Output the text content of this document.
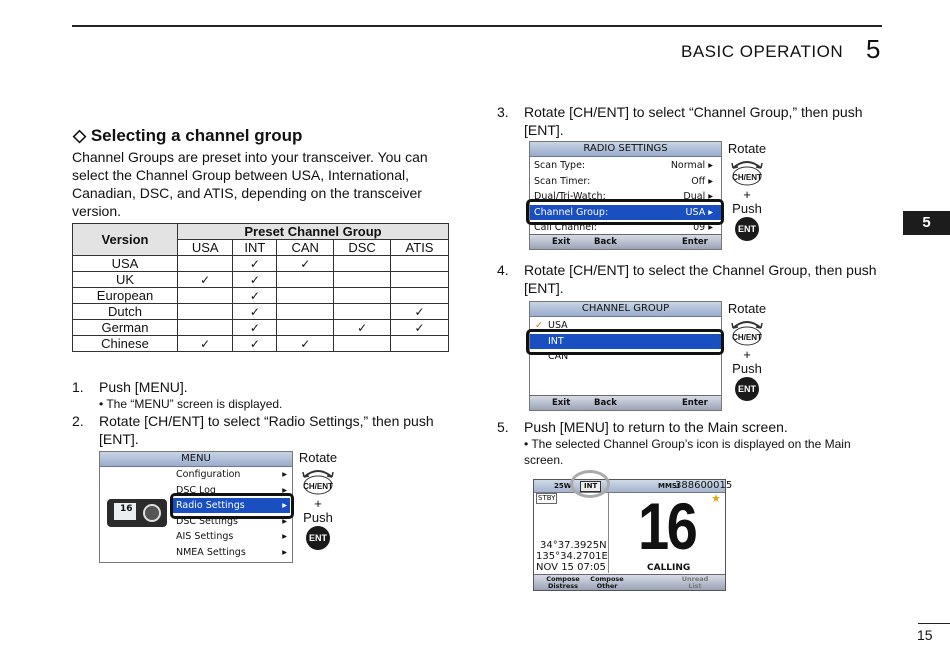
BASIC OPERATION 5
5
◇ Selecting a channel group
Channel Groups are preset into your transceiver. You can select the Channel Group between USA, International, Canadian, DSC, and ATIS, depending on the transceiver version.
Version	Preset Channel Group				
	USA	INT	CAN	DSC	ATIS
USA		✓	✓		
UK	✓	✓			
European		✓			
Dutch		✓			✓
German		✓		✓	✓
Chinese	✓	✓	✓		
1. Push [MENU].
• The “MENU” screen is displayed.
2. Rotate [CH/ENT] to select “Radio Settings,” then push [ENT].
MENU
16
Configuration	▸
DSC Log	▸
Radio Settings	▸
DSC Settings	▸
AIS Settings	▸
NMEA Settings	▸
Rotate
CH/ENT
+
Push
ENT
3. Rotate [CH/ENT] to select “Channel Group,” then push [ENT].
RADIO SETTINGS
Scan Type:	Normal ▸
Scan Timer:	Off ▸
Dual/Tri-Watch:	Dual ▸
Channel Group:	USA ▸
Call Channel:	09 ▸
Exit	Back	Enter
Rotate
CH/ENT
+
Push
ENT
4. Rotate [CH/ENT] to select the Channel Group, then push [ENT].
CHANNEL GROUP
✓ USA
INT
CAN
Exit	Back	Enter
Rotate
CH/ENT
+
Push
ENT
5. Push [MENU] to return to the Main screen.
• The selected Channel Group’s icon is displayed on the Main screen.
25W	INT	MMSI
388600015
STBY	★
16
34°37.3925N
135°34.2701E
NOV 15 07:05	CALLING
Compose
Distress
Compose
Other
Unread
List
15
